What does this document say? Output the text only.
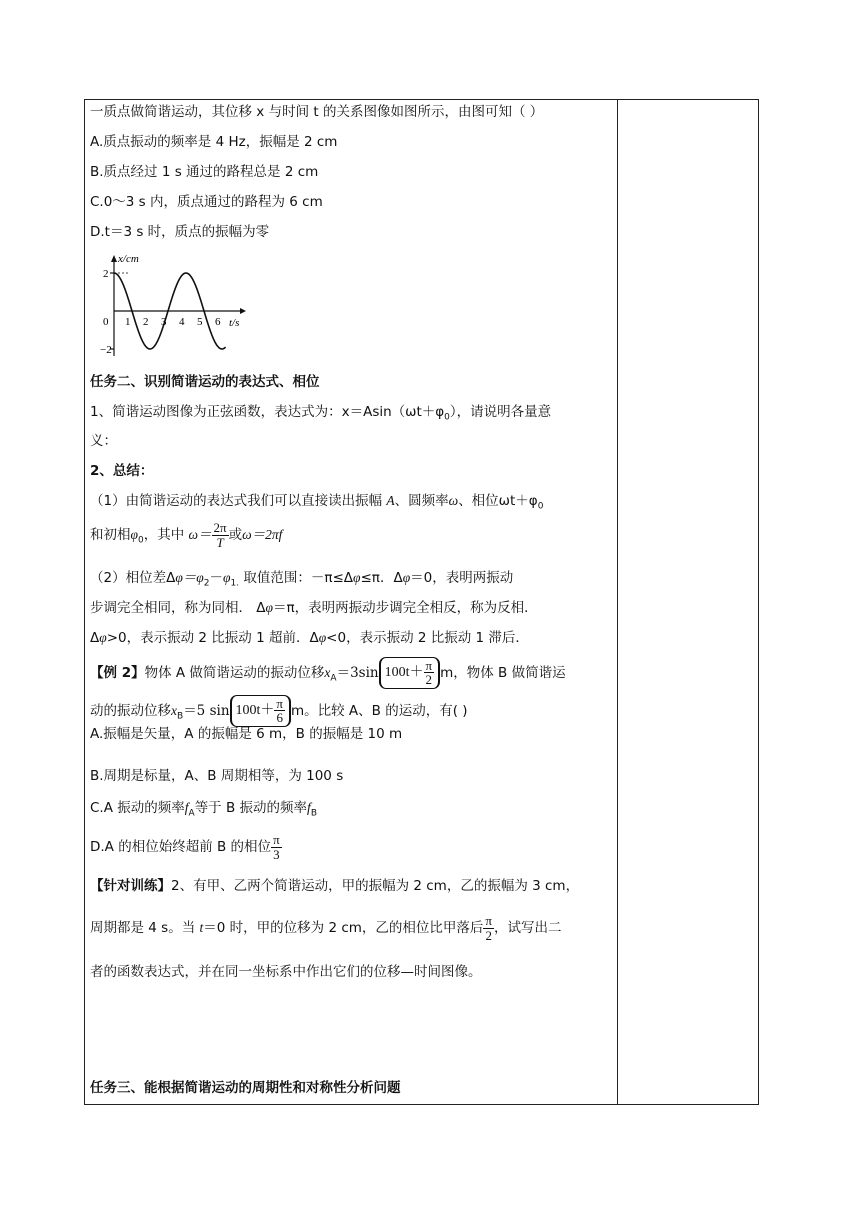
一质点做简谐运动，其位移 x 与时间 t 的关系图像如图所示，由图可知（ ）
A.质点振动的频率是 4 Hz，振幅是 2 cm
B.质点经过 1 s 通过的路程总是 2 cm
C.0～3 s 内，质点通过的路程为 6 cm
D.t＝3 s 时，质点的振幅为零
x/cm
t/s
0
2
−2
1 2 3 4 5 6
任务二、识别简谐运动的表达式、相位
1、简谐运动图像为正弦函数，表达式为：$x=Asin(\omega t+\varphi_0)$，请说明各量意
义：
2、总结：
（1）由简谐运动的表达式我们可以直接读出振幅 A、圆频率ω、相位$\omega t+\varphi_0$
和初相$\varphi_0$，其中 $\omega= \frac{2\pi}{T}$ 或ω＝2πf
（2）相位差$\Delta\varphi=\varphi_2-\varphi_{1.}$ 取值范围：－π≤Δφ≤π．Δφ＝0，表明两振动
步调完全相同，称为同相． Δφ＝π，表明两振动步调完全相反，称为反相．
Δφ>0，表示振动 2 比振动 1 超前．Δφ<0，表示振动 2 比振动 1 滞后．
【例 2】物体 A 做简谐运动的振动位移$x_A=3\sin$ $100t+ \frac{\pi}{2}$ m，物体 B 做简谐运
动的振动位移$x_B=5$ $\sin 100t+ \frac{\pi}{6}$ m。比较 A、B 的运动，有( )
A.振幅是矢量，A 的振幅是 6 m，B 的振幅是 10 m
B.周期是标量，A、B 周期相等，为 100 s
C.A 振动的频率$f_A$等于 B 振动的频率$f_B$
D.A 的相位始终超前 B 的相位 $\frac{\pi}{3}$
【针对训练】2、有甲、乙两个简谐运动，甲的振幅为 2 cm，乙的振幅为 3 cm，
周期都是 4 s。当 t＝0 时，甲的位移为 2 cm，乙的相位比甲落后 $\frac{\pi}{2}$ ，试写出二
者的函数表达式，并在同一坐标系中作出它们的位移—时间图像。
任务三、能根据简谐运动的周期性和对称性分析问题
